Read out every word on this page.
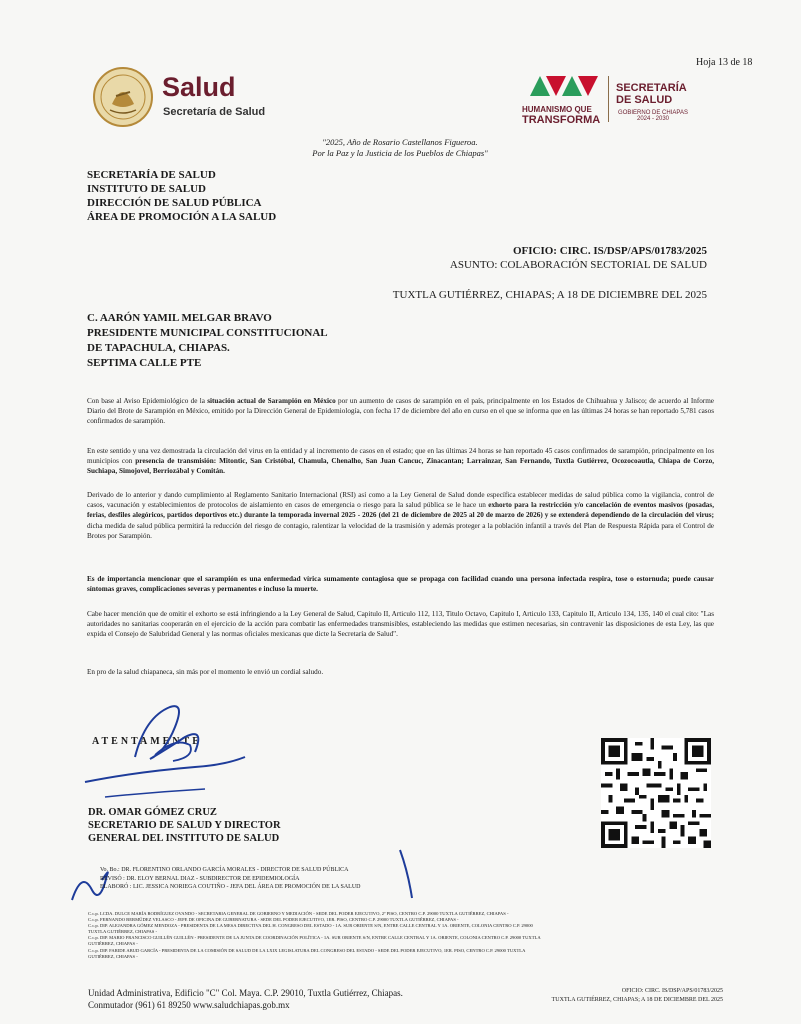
Hoja 13 de 18
Salud
Secretaría de Salud	HUMANISMO QUE
TRANSFORMA
SECRETARÍA
DE SALUD
GOBIERNO DE CHIAPAS 2024 - 2030
"2025, Año de Rosario Castellanos Figueroa.
Por la Paz y la Justicia de los Pueblos de Chiapas"
SECRETARÍA DE SALUD
INSTITUTO DE SALUD
DIRECCIÓN DE SALUD PÚBLICA
ÁREA DE PROMOCIÓN A LA SALUD
OFICIO: CIRC. IS/DSP/APS/01783/2025
ASUNTO: COLABORACIÓN SECTORIAL DE SALUD
TUXTLA GUTIÉRREZ, CHIAPAS; A 18 DE DICIEMBRE DEL 2025
C. AARÓN YAMIL MELGAR BRAVO
PRESIDENTE MUNICIPAL CONSTITUCIONAL
DE TAPACHULA, CHIAPAS.
SEPTIMA CALLE PTE
Con base al Aviso Epidemiológico de la situación actual de Sarampión en México por un aumento de casos de sarampión en el país, principalmente en los Estados de Chihuahua y Jalisco; de acuerdo al Informe Diario del Brote de Sarampión en México, emitido por la Dirección General de Epidemiología, con fecha 17 de diciembre del año en curso en el que se informa que en las últimas 24 horas se han reportado 5,781 casos confirmados de sarampión.
En este sentido y una vez demostrada la circulación del virus en la entidad y al incremento de casos en el estado; que en las últimas 24 horas se han reportado 45 casos confirmados de sarampión, principalmente en los municipios con presencia de transmisión: Mitontic, San Cristóbal, Chamula, Chenalho, San Juan Cancuc, Zinacantan; Larrainzar, San Fernando, Tuxtla Gutiérrez, Ocozocoautla, Chiapa de Corzo, Suchiapa, Simojovel, Berriozábal y Comitán.
Derivado de lo anterior y dando cumplimiento al Reglamento Sanitario Internacional (RSI) así como a la Ley General de Salud donde específica establecer medidas de salud pública como la vigilancia, control de casos, vacunación y establecimientos de protocolos de aislamiento en casos de emergencia o riesgo para la salud pública se le hace un exhorto para la restricción y/o cancelación de eventos masivos (posadas, ferias, desfiles alegóricos, partidos deportivos etc.) durante la temporada invernal 2025 - 2026 (del 21 de diciembre de 2025 al 20 de marzo de 2026) y se extenderá dependiendo de la circulación del virus; dicha medida de salud pública permitirá la reducción del riesgo de contagio, ralentizar la velocidad de la trasmisión y además proteger a la población infantil a través del Plan de Respuesta Rápida para el Control de Brotes por Sarampión.
Es de importancia mencionar que el sarampión es una enfermedad vírica sumamente contagiosa que se propaga con facilidad cuando una persona infectada respira, tose o estornuda; puede causar síntomas graves, complicaciones severas y permanentes e incluso la muerte.
Cabe hacer mención que de omitir el exhorto se está infringiendo a la Ley General de Salud, Capitulo II, Articulo 112, 113, Titulo Octavo, Capitulo I, Articulo 133, Capitulo II, Articulo 134, 135, 140 el cual cito: "Las autoridades no sanitarias cooperarán en el ejercicio de la acción para combatir las enfermedades transmisibles, estableciendo las medidas que estimen necesarias, sin contravenir las disposiciones de esta Ley, las que expida el Consejo de Salubridad General y las normas oficiales mexicanas que dicte la Secretaría de Salud".
En pro de la salud chiapaneca, sin más por el momento le envió un cordial saludo.
ATENTAMENTE
DR. OMAR GÓMEZ CRUZ
SECRETARIO DE SALUD Y DIRECTOR
GENERAL DEL INSTITUTO DE SALUD
Vo. Bo.: DR. FLORENTINO ORLANDO GARCÍA MORALES - DIRECTOR DE SALUD PÚBLICA
REVISÓ : DR. ELOY BERNAL DIAZ - SUBDIRECTOR DE EPIDEMIOLOGÍA
ELABORÓ : LIC. JESSICA NORIEGA COUTIÑO - JEFA DEL ÁREA DE PROMOCIÓN DE LA SALUD
C.c.p. LCDA. DULCE MARÍA RODRÍGUEZ OVANDO - SECRETARIA GENERAL DE GOBIERNO Y MEDIACIÓN - SEDE DEL PODER EJECUTIVO, 2º PISO, CENTRO C.P. 29000 TUXTLA GUTIÉRREZ, CHIAPAS -
C.c.p. FERNANDO BERMÚDEZ VELASCO - JEFE DE OFICINA DE GUBERNATURA - SEDE DEL PODER EJECUTIVO, 1ER. PISO, CENTRO C.P. 29000 TUXTLA GUTIÉRREZ, CHIAPAS -
C.c.p. DIP. ALEJANDRA GÓMEZ MENDOZA - PRESIDENTA DE LA MESA DIRECTIVA DEL H. CONGRESO DEL ESTADO - 1A. SUR ORIENTE S/N, ENTRE CALLE CENTRAL Y 1A. ORIENTE, COLONIA CENTRO C.P. 29000 TUXTLA GUTIÉRREZ, CHIAPAS -
C.c.p. DIP. MARIO FRANCISCO GUILLÉN GUILLÉN - PRESIDENTE DE LA JUNTA DE COORDINACIÓN POLÍTICA - 1A. SUR ORIENTE S/N, ENTRE CALLE CENTRAL Y 1A. ORIENTE, COLONIA CENTRO C.P. 29000 TUXTLA GUTIÉRREZ, CHIAPAS -
C.c.p. DIP. FARIDE ABUD GARCÍA - PRESIDENTA DE LA COMISIÓN DE SALUD DE LA LXIX LEGISLATURA DEL CONGRESO DEL ESTADO - SEDE DEL PODER EJECUTIVO, 1ER. PISO, CENTRO C.P. 29000 TUXTLA GUTIÉRREZ, CHIAPAS -
Unidad Administrativa, Edificio "C" Col. Maya. C.P. 29010, Tuxtla Gutiérrez, Chiapas.
Conmutador (961) 61 89250 www.saludchiapas.gob.mx
OFICIO: CIRC. IS/DSP/APS/01783/2025
TUXTLA GUTIÉRREZ, CHIAPAS; A 18 DE DICIEMBRE DEL 2025
